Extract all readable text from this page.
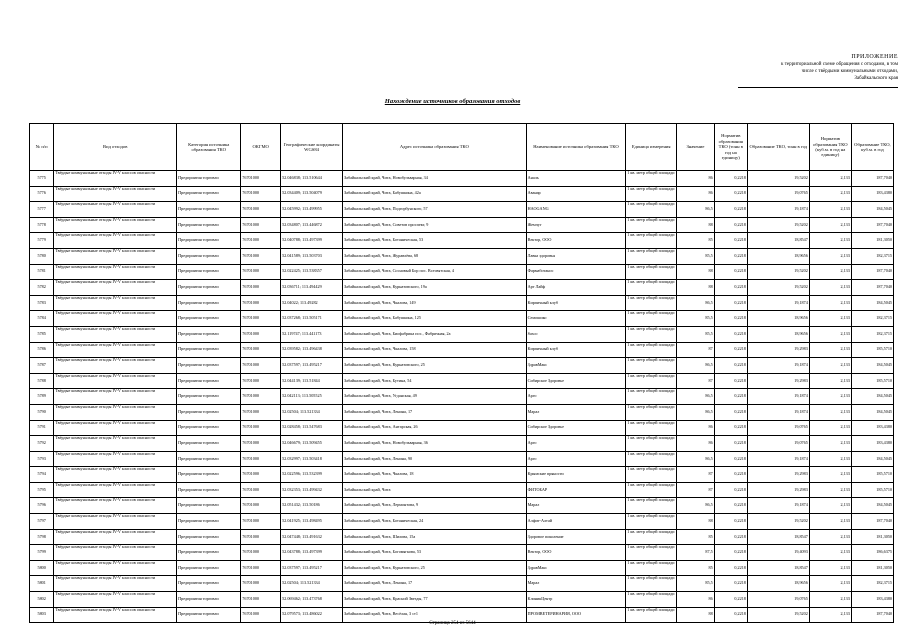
ПРИЛОЖЕНИЕ
к территориальной схеме обращения с отходами, в том
числе с твёрдыми коммунальными отходами,
Забайкальского края
Нахождение источников образования отходов
№ п/п	Вид отходов	Категория источника образования ТКО	ОКГМО	Географические координаты WGS84	Адрес источника образования ТКО	Наименование источника образования ТКО	Единица измерения	Значение	Норматив образования ТКО (тонн в год на единицу)	Образование ТКО, тонн в год	Норматив образования ТКО (куб.м. в год на единицу)	Образование ТКО, куб.м. в год
5775	Твёрдые коммунальные отходы IV-V классов опасности	Предприятия торговли	76701000	52.046838; 113.510644	Забайкальский край, Чита, Новобульварная, 34	Аналь	1 кв. метр общей площади	86	0,2218	19,5202	2,133	187,7040
5776	Твёрдые коммунальные отходы IV-V классов опасности	Предприятия торговли	76701000	52.034409; 113.504079	Забайкальский край, Чита, Бабушкина, 42а	Аванар	1 кв. метр общей площади	86	0,2218	19,0765	2,133	183,4380
5777	Твёрдые коммунальные отходы IV-V классов опасности	Предприятия торговли	76701000	52.045992; 113.499955	Забайкальский край, Чита, Подгорбунского, 57	НАОGANG	1 кв. метр общей площади	86,5	0,2218	19,1874	2,133	184,5045
5778	Твёрдые коммунальные отходы IV-V классов опасности	Предприятия торговли	76701000	52.034807; 113.446872	Забайкальский край, Чита, Советов проспект, 9	Жемчуг	1 кв. метр общей площади	88	0,2218	19,5202	2,133	187,7040
5779	Твёрдые коммунальные отходы IV-V классов опасности	Предприятия торговли	76701000	52.040788; 113.497399	Забайкальский край, Чита, Ботаническая, 53	Вектор, ООО	1 кв. метр общей площади	85	0,2218	18,8547	2,133	181,3050
5780	Твёрдые коммунальные отходы IV-V классов опасности	Предприятия торговли	76701000	52.041589; 113.503703	Забайкальский край, Чита, Журавлёва, 68	Лавка здоровья	1 кв. метр общей площади	85,5	0,2218	18,9656	2,133	182,3715
5781	Твёрдые коммунальные отходы IV-V классов опасности	Предприятия торговли	76701000	52.022425; 113.538357	Забайкальский край, Чита, Сосновый Бор пос. Всесвятская, 4	Фармаботанос	1 кв. метр общей площади	88	0,2218	19,5202	2,133	187,7040
5782	Твёрдые коммунальные отходы IV-V классов опасности	Предприятия торговли	76701000	52.036711; 113.494429	Забайкальский край, Чита, Курнатовского, 19а	Арт Лайф	1 кв. метр общей площади	88	0,2218	19,5202	2,133	187,7040
5783	Твёрдые коммунальные отходы IV-V классов опасности	Предприятия торговли	76701000	52.04022; 113.49282	Забайкальский край, Чита, Чкалова, 149	Кирпичный клуб	1 кв. метр общей площади	86,5	0,2218	19,1874	2,133	184,5045
5784	Твёрдые коммунальные отходы IV-V классов опасности	Предприятия торговли	76701000	52.037268; 113.505171	Забайкальский край, Чита, Бабушкина, 125	Семошико	1 кв. метр общей площади	85,5	0,2218	18,9656	2,133	182,3715
5785	Твёрдые коммунальные отходы IV-V классов опасности	Предприятия торговли	76701000	52.119747; 113.441173	Забайкальский край, Чита, Биофабрика пос., Фабричная, 2а	Sasco	1 кв. метр общей площади	85,5	0,2218	18,9656	2,133	182,3715
5786	Твёрдые коммунальные отходы IV-V классов опасности	Предприятия торговли	76701000	52.039582; 113.496438	Забайкальский край, Чита, Чкалова, 158	Кирпичный клуб	1 кв. метр общей площади	87	0,2218	19,2983	2,133	185,5710
5787	Твёрдые коммунальные отходы IV-V классов опасности	Предприятия торговли	76701000	52.037597; 113.495217	Забайкальский край, Чита, Курнатовского, 25	ЗдравМакс	1 кв. метр общей площади	86,5	0,2218	19,1874	2,133	184,5045
5788	Твёрдые коммунальные отходы IV-V классов опасности	Предприятия торговли	76701000	52.044139; 113.51844	Забайкальский край, Чита, Бутина, 54	Сибирское Здоровье	1 кв. метр общей площади	87	0,2218	19,2983	2,133	185,5710
5789	Твёрдые коммунальные отходы IV-V классов опасности	Предприятия торговли	76701000	52.042113; 113.505525	Забайкальский край, Чита, Угданская, 49	Арго	1 кв. метр общей площади	86,5	0,2218	19,1874	2,133	184,5045
5790	Твёрдые коммунальные отходы IV-V классов опасности	Предприятия торговли	76701000	52.02504; 113.521334	Забайкальский край, Чита, Ленина, 17	Марал	1 кв. метр общей площади	86,5	0,2218	19,1874	2,133	184,5045
5791	Твёрдые коммунальные отходы IV-V классов опасности	Предприятия торговли	76701000	52.028458; 113.547683	Забайкальский край, Чита, Антарская, 26	Сибирское Здоровье	1 кв. метр общей площади	86	0,2218	19,0765	2,133	183,4380
5792	Твёрдые коммунальные отходы IV-V классов опасности	Предприятия торговли	76701000	52.046679; 113.509455	Забайкальский край, Чита, Новобульварная, 36	Арго	1 кв. метр общей площади	86	0,2218	19,0765	2,133	183,4380
5793	Твёрдые коммунальные отходы IV-V классов опасности	Предприятия торговли	76701000	52.032997; 113.503418	Забайкальский край, Чита, Ленина, 90	Арго	1 кв. метр общей площади	86,5	0,2218	19,1874	2,133	184,5045
5794	Твёрдые коммунальные отходы IV-V классов опасности	Предприятия торговли	76701000	52.022596; 113.532399	Забайкальский край, Чита, Чкалова, 18	Крымские пряности	1 кв. метр общей площади	87	0,2218	19,2983	2,133	185,5710
5795	Твёрдые коммунальные отходы IV-V классов опасности	Предприятия торговли	76701000	52.032353; 113.499432	Забайкальский край, Чита	ФИТОБАР	1 кв. метр общей площади	87	0,2218	19,2983	2,133	185,5710
5796	Твёрдые коммунальные отходы IV-V классов опасности	Предприятия торговли	76701000	52.051432; 113.50186	Забайкальский край, Чита, Лермонтова, 9	Марал	1 кв. метр общей площади	86,5	0,2218	19,1874	2,133	184,5045
5797	Твёрдые коммунальные отходы IV-V классов опасности	Предприятия торговли	76701000	52.041925; 113.498495	Забайкальский край, Чита, Ботаническая, 24	Алфит-Алтай	1 кв. метр общей площади	88	0,2218	19,5202	2,133	187,7040
5798	Твёрдые коммунальные отходы IV-V классов опасности	Предприятия торговли	76701000	52.047448; 113.491632	Забайкальский край, Чита, Шилова, 15а	Здоровое поколение	1 кв. метр общей площади	85	0,2218	18,8547	2,133	181,3050
5799	Твёрдые коммунальные отходы IV-V классов опасности	Предприятия торговли	76701000	52.043788; 113.497399	Забайкальский край, Чита, Богомягкова, 53	Вектор, ООО	1 кв. метр общей площади	87,5	0,2218	19,4093	2,133	186,6375
5800	Твёрдые коммунальные отходы IV-V классов опасности	Предприятия торговли	76701000	52.037597; 113.495217	Забайкальский край, Чита, Курнатовского, 25	ЗдравМакс	1 кв. метр общей площади	85	0,2218	18,8547	2,133	181,3050
5801	Твёрдые коммунальные отходы IV-V классов опасности	Предприятия торговли	76701000	52.02504; 113.521334	Забайкальский край, Чита, Ленина, 17	Марал	1 кв. метр общей площади	85,5	0,2218	18,9656	2,133	182,3715
5802	Твёрдые коммунальные отходы IV-V классов опасности	Предприятия торговли	76701000	52.069462; 113.473768	Забайкальский край, Чита, Красной Звезды, 77	КлиникЦентр	1 кв. метр общей площади	86	0,2218	19,0765	2,133	183,4380
5803	Твёрдые коммунальные отходы IV-V классов опасности	Предприятия торговли	76701000	52.079573; 113.486022	Забайкальский край, Чита, Весёлая, 3 ст1	ПРОМВЕТЕРИНАРИЯ, ООО	1 кв. метр общей площади	88	0,2218	19,5202	2,133	187,7040
Страница 254 из 5644
